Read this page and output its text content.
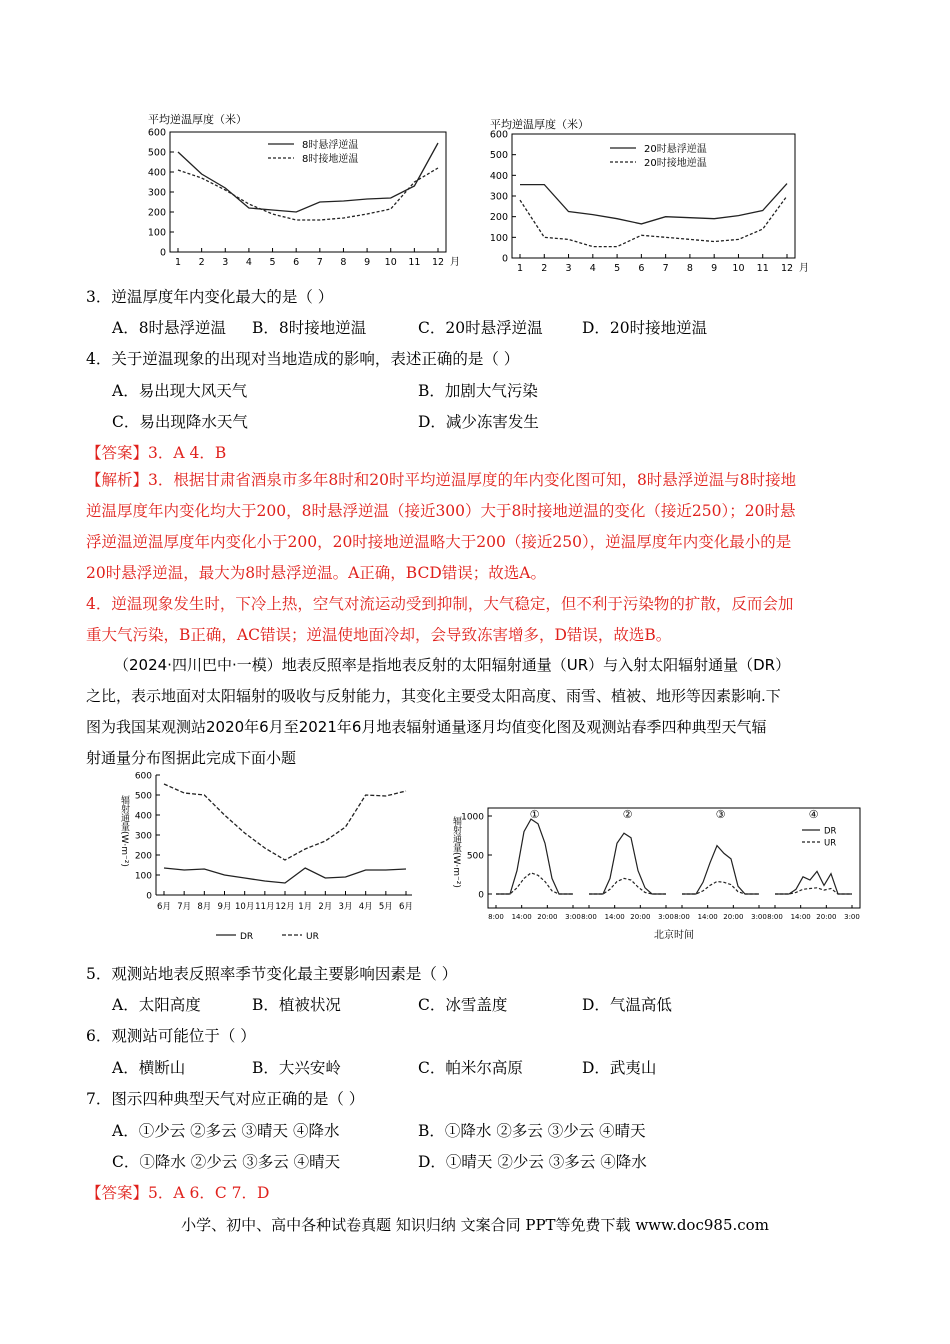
平均逆温厚度（米）
0
100
200
300
400
500
600
1 2 3 4 5 6 7 8 9 10 11 12 月
8时悬浮逆温
8时接地逆温
平均逆温厚度（米）
0
100
200
300
400
500
600
1 2 3 4 5 6 7 8 9 10 11 12 月
20时悬浮逆温
20时接地逆温
3．逆温厚度年内变化最大的是（ ）
A．8时悬浮逆温 B．8时接地逆温	C．20时悬浮逆温	D．20时接地逆温
4．关于逆温现象的出现对当地造成的影响，表述正确的是（ ）
A．易出现大风天气	B．加剧大气污染
C．易出现降水天气	D．减少冻害发生
【答案】3．A 4．B
【解析】3．根据甘肃省酒泉市多年8时和20时平均逆温厚度的年内变化图可知，8时悬浮逆温与8时接地
逆温厚度年内变化均大于200，8时悬浮逆温（接近300）大于8时接地逆温的变化（接近250）；20时悬
浮逆温逆温厚度年内变化小于200，20时接地逆温略大于200（接近250），逆温厚度年内变化最小的是
20时悬浮逆温，最大为8时悬浮逆温。A正确，BCD错误；故选A。
4．逆温现象发生时，下冷上热，空气对流运动受到抑制，大气稳定，但不利于污染物的扩散，反而会加
重大气污染，B正确，AC错误；逆温使地面冷却，会导致冻害增多，D错误，故选B。
（2024·四川巴中·一模）地表反照率是指地表反射的太阳辐射通量（UR）与入射太阳辐射通量（DR）
之比，表示地面对太阳辐射的吸收与反射能力，其变化主要受太阳高度、雨雪、植被、地形等因素影响.下
图为我国某观测站2020年6月至2021年6月地表辐射通量逐月均值变化图及观测站春季四种典型天气辐
射通量分布图据此完成下面小题
0
100
200
300
400
500
600
6月 7月 8月 9月 10月 11月 12月 1月 2月 3月 4月 5月 6月
辐射通量(W·m⁻²)
DR	UR
0
500
1000
辐射通量(W·m⁻²)
①
8:00 14:00 20:00 3:00
②
8:00 14:00 20:00 3:00
③
8:00 14:00 20:00 3:00
④
8:00 14:00 20:00 3:00
DR
UR
北京时间
5．观测站地表反照率季节变化最主要影响因素是（ ）
A．太阳高度	B．植被状况	C．冰雪盖度	D．气温高低
6．观测站可能位于（ ）
A．横断山	B．大兴安岭	C．帕米尔高原	D．武夷山
7．图示四种典型天气对应正确的是（ ）
A．①少云 ②多云 ③晴天 ④降水	B．①降水 ②多云 ③少云 ④晴天
C．①降水 ②少云 ③多云 ④晴天	D．①晴天 ②少云 ③多云 ④降水
【答案】5．A 6．C 7．D
小学、初中、高中各种试卷真题 知识归纳 文案合同 PPT等免费下载 www.doc985.com
